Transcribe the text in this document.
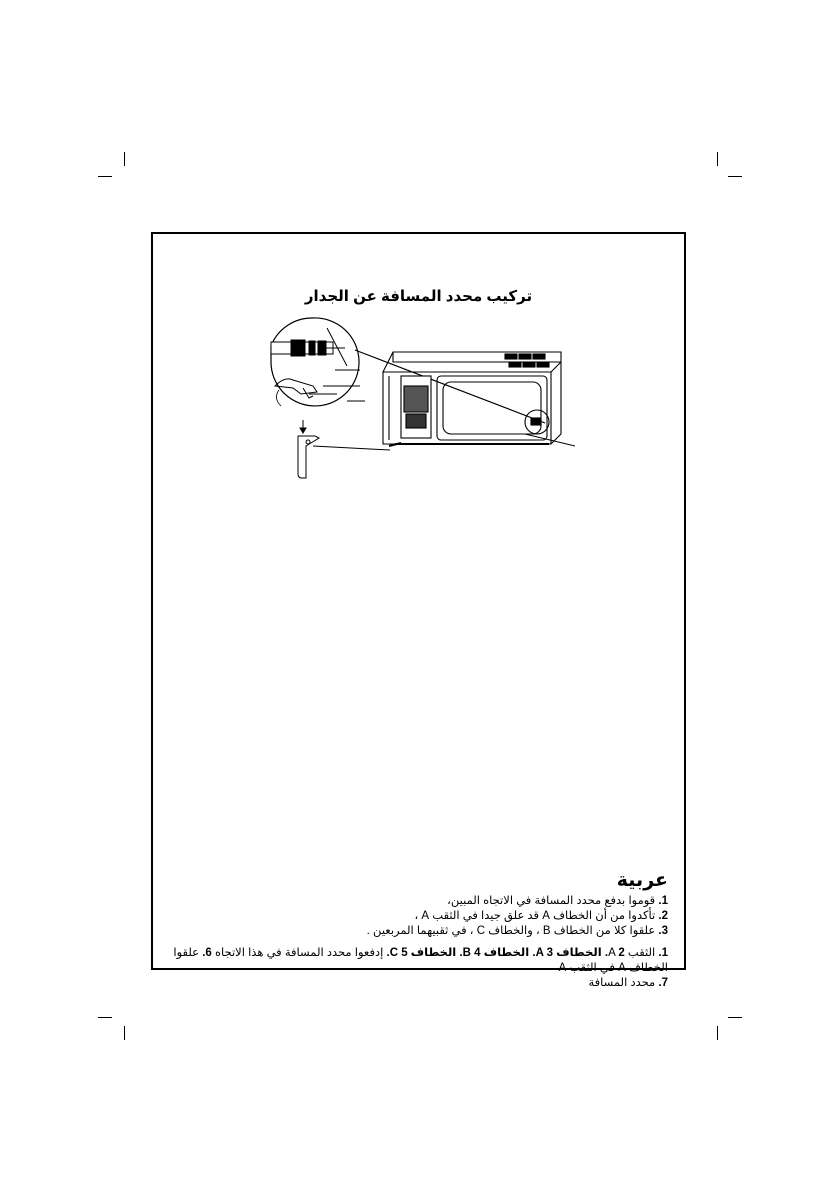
تركيب محدد المسافة عن الجدار
عربية

1. قوموا بدفع محدد المسافة في الاتجاه المبين،

2. تأكدوا من أن الخطاف A قد علق جيدا في الثقب A ،

3. علقوا كلا من الخطاف B ، والخطاف C ، في ثقبيهما المربعين .

1. الثقب A 2. الخطاف A 3. الخطاف B 4. الخطاف C 5. إدفعوا محدد المسافة في هذا الاتجاه 6. علقوا الخطاف A في الثقب A

7. محدد المسافة
